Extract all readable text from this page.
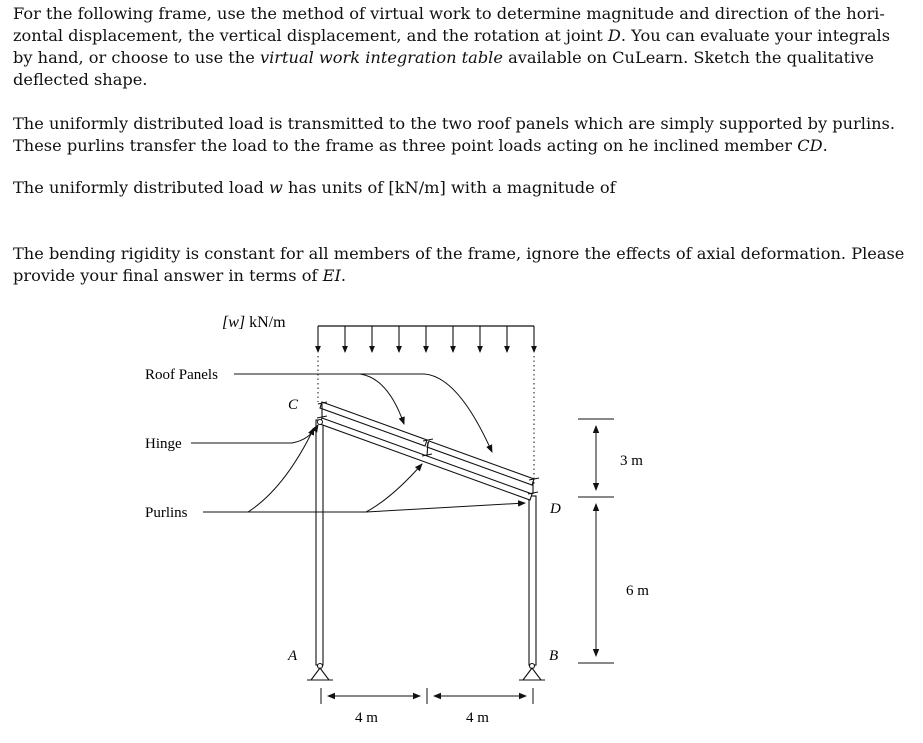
For the following frame, use the method of virtual work to determine magnitude and direction of the hori-
zontal displacement, the vertical displacement, and the rotation at joint D. You can evaluate your integrals
by hand, or choose to use the virtual work integration table available on CuLearn. Sketch the qualitative
deflected shape.
The uniformly distributed load is transmitted to the two roof panels which are simply supported by purlins.
These purlins transfer the load to the frame as three point loads acting on he inclined member CD.
The uniformly distributed load w has units of [kN/m] with a magnitude of
The bending rigidity is constant for all members of the frame, ignore the effects of axial deformation. Please
provide your final answer in terms of EI.
[w] kN/m
Roof Panels
Hinge
Purlins
C
D
A	B
4 m	4 m
3 m
6 m
